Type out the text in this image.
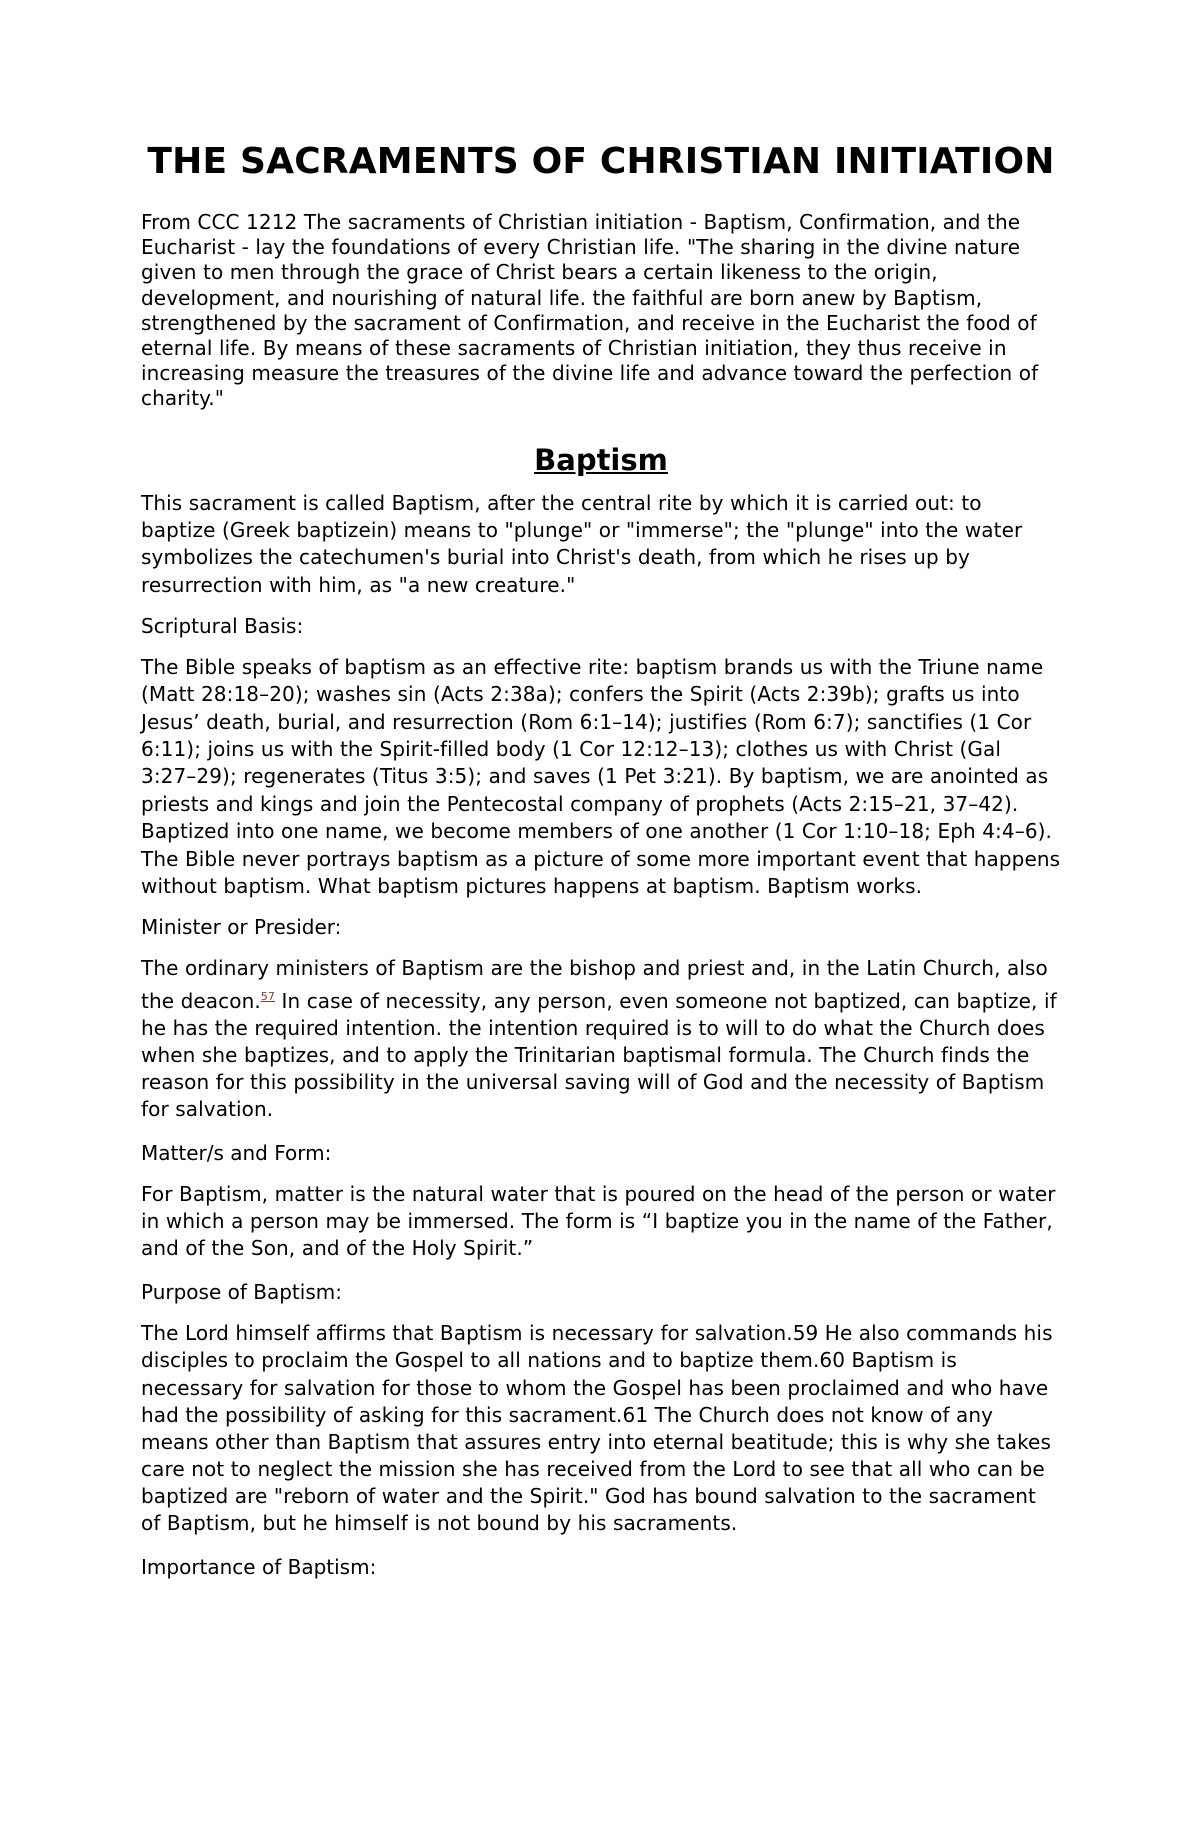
THE SACRAMENTS OF CHRISTIAN INITIATION

From CCC 1212 The sacraments of Christian initiation - Baptism, Confirmation, and the Eucharist - lay the foundations of every Christian life. "The sharing in the divine nature given to men through the grace of Christ bears a certain likeness to the origin, development, and nourishing of natural life. the faithful are born anew by Baptism, strengthened by the sacrament of Confirmation, and receive in the Eucharist the food of eternal life. By means of these sacraments of Christian initiation, they thus receive in increasing measure the treasures of the divine life and advance toward the perfection of charity."

Baptism

This sacrament is called Baptism, after the central rite by which it is carried out: to baptize (Greek baptizein) means to "plunge" or "immerse"; the "plunge" into the water symbolizes the catechumen's burial into Christ's death, from which he rises up by resurrection with him, as "a new creature."

Scriptural Basis:

The Bible speaks of baptism as an effective rite: baptism brands us with the Triune name (Matt 28:18–20); washes sin (Acts 2:38a); confers the Spirit (Acts 2:39b); grafts us into Jesus’ death, burial, and resurrection (Rom 6:1–14); justifies (Rom 6:7); sanctifies (1 Cor 6:11); joins us with the Spirit-filled body (1 Cor 12:12–13); clothes us with Christ (Gal 3:27–29); regenerates (Titus 3:5); and saves (1 Pet 3:21). By baptism, we are anointed as priests and kings and join the Pentecostal company of prophets (Acts 2:15–21, 37–42). Baptized into one name, we become members of one another (1 Cor 1:10–18; Eph 4:4–6). The Bible never portrays baptism as a picture of some more important event that happens without baptism. What baptism pictures happens at baptism. Baptism works.

Minister or Presider:

The ordinary ministers of Baptism are the bishop and priest and, in the Latin Church, also the deacon.$^{57}$ In case of necessity, any person, even someone not baptized, can baptize, if he has the required intention. the intention required is to will to do what the Church does when she baptizes, and to apply the Trinitarian baptismal formula. The Church finds the reason for this possibility in the universal saving will of God and the necessity of Baptism for salvation.

Matter/s and Form:

For Baptism, matter is the natural water that is poured on the head of the person or water in which a person may be immersed. The form is “I baptize you in the name of the Father, and of the Son, and of the Holy Spirit.”

Purpose of Baptism:

The Lord himself affirms that Baptism is necessary for salvation.59 He also commands his disciples to proclaim the Gospel to all nations and to baptize them.60 Baptism is necessary for salvation for those to whom the Gospel has been proclaimed and who have had the possibility of asking for this sacrament.61 The Church does not know of any means other than Baptism that assures entry into eternal beatitude; this is why she takes care not to neglect the mission she has received from the Lord to see that all who can be baptized are "reborn of water and the Spirit." God has bound salvation to the sacrament of Baptism, but he himself is not bound by his sacraments.

Importance of Baptism:
